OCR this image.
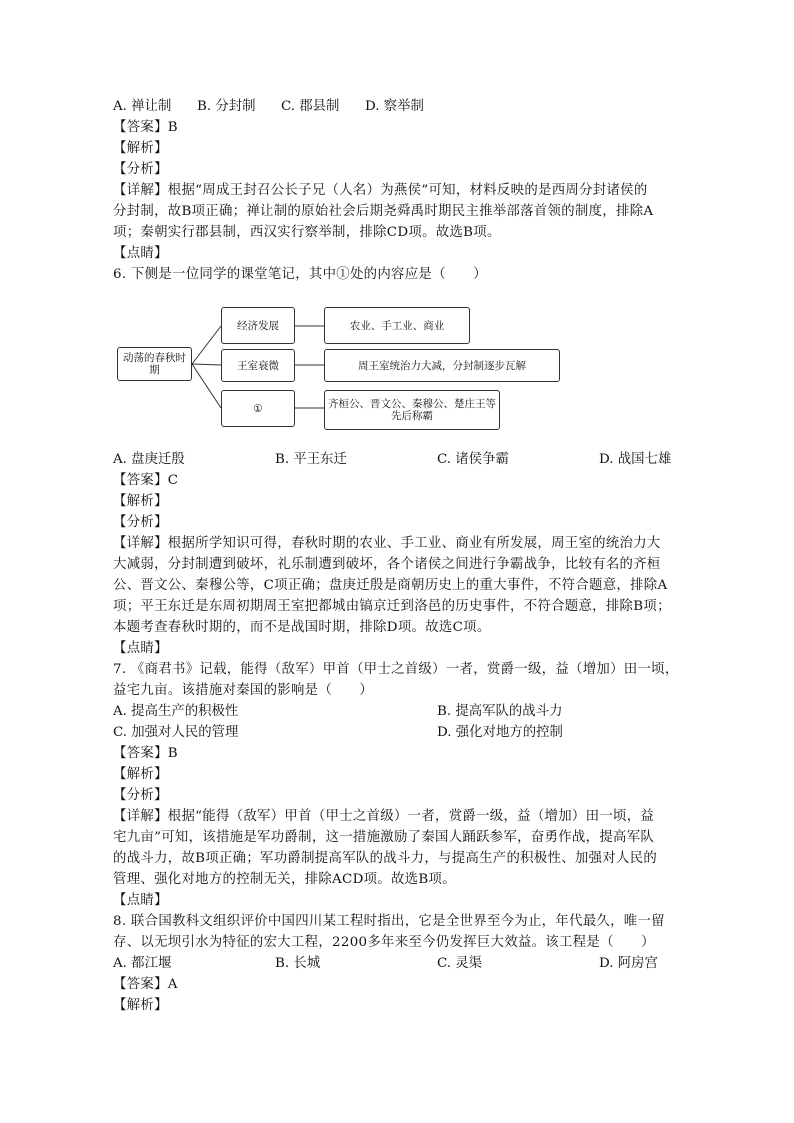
A. 禅让制 B. 分封制 C. 郡县制 D. 察举制
【答案】B
【解析】
【分析】
【详解】根据“周成王封召公长子兄（人名）为燕侯”可知，材料反映的是西周分封诸侯的
分封制，故B项正确；禅让制的原始社会后期尧舜禹时期民主推举部落首领的制度，排除A
项；秦朝实行郡县制，西汉实行察举制，排除CD项。故选B项。
【点睛】
6. 下侧是一位同学的课堂笔记，其中①处的内容应是（　　）
动荡的春秋时期
经济发展	农业、手工业、商业
王室衰微	周王室统治力大减，分封制逐步瓦解
①	齐桓公、晋文公、秦穆公、楚庄王等先后称霸
A. 盘庚迁殷	B. 平王东迁	C. 诸侯争霸	D. 战国七雄
【答案】C
【解析】
【分析】
【详解】根据所学知识可得，春秋时期的农业、手工业、商业有所发展，周王室的统治力大
大减弱，分封制遭到破坏，礼乐制遭到破坏，各个诸侯之间进行争霸战争，比较有名的齐桓
公、晋文公、秦穆公等，C项正确；盘庚迁殷是商朝历史上的重大事件，不符合题意，排除A
项；平王东迁是东周初期周王室把都城由镐京迁到洛邑的历史事件，不符合题意，排除B项；
本题考查春秋时期的，而不是战国时期，排除D项。故选C项。
【点睛】
7. 《商君书》记载，能得（敌军）甲首（甲士之首级）一者，赏爵一级，益（增加）田一顷，
益宅九亩。该措施对秦国的影响是（　　）
A. 提高生产的积极性	B. 提高军队的战斗力
C. 加强对人民的管理	D. 强化对地方的控制
【答案】B
【解析】
【分析】
【详解】根据“能得（敌军）甲首（甲士之首级）一者，赏爵一级，益（增加）田一顷，益
宅九亩”可知，该措施是军功爵制，这一措施激励了秦国人踊跃参军，奋勇作战，提高军队
的战斗力，故B项正确；军功爵制提高军队的战斗力，与提高生产的积极性、加强对人民的
管理、强化对地方的控制无关，排除ACD项。故选B项。
【点睛】
8. 联合国教科文组织评价中国四川某工程时指出，它是全世界至今为止，年代最久，唯一留
存、以无坝引水为特征的宏大工程，2200多年来至今仍发挥巨大效益。该工程是（　　）
A. 都江堰	B. 长城	C. 灵渠	D. 阿房宫
【答案】A
【解析】
